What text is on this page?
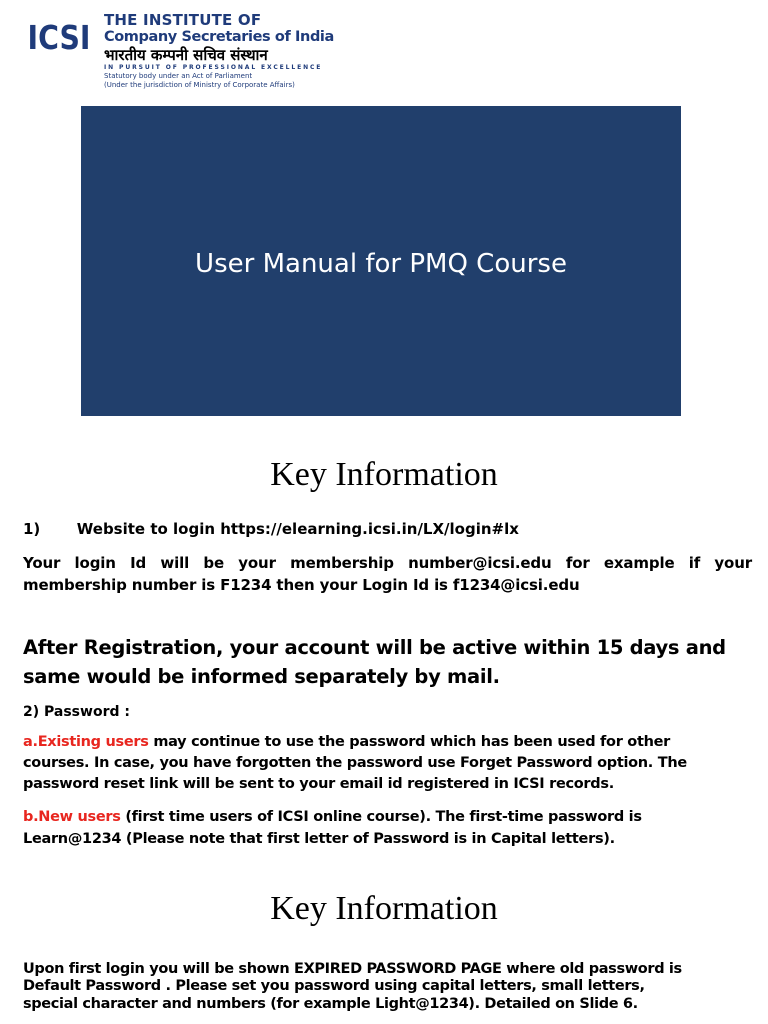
ICSI THE INSTITUTE OF
Company Secretaries of India
भारतीय कम्पनी सचिव संस्थान
IN PURSUIT OF PROFESSIONAL EXCELLENCE
Statutory body under an Act of Parliament
(Under the jurisdiction of Ministry of Corporate Affairs)
User Manual for PMQ Course
Key Information
1) Website to login https://elearning.icsi.in/LX/login#lx
Your login Id will be your membership number@icsi.edu for example if your
membership number is F1234 then your Login Id is f1234@icsi.edu
After Registration, your account will be active within 15 days and
same would be informed separately by mail.
2) Password :
a.Existing users may continue to use the password which has been used for other
courses. In case, you have forgotten the password use Forget Password option. The
password reset link will be sent to your email id registered in ICSI records.
b.New users (first time users of ICSI online course). The first-time password is
Learn@1234 (Please note that first letter of Password is in Capital letters).
Key Information
Upon first login you will be shown EXPIRED PASSWORD PAGE where old password is
Default Password . Please set you password using capital letters, small letters,
special character and numbers (for example Light@1234). Detailed on Slide 6.
